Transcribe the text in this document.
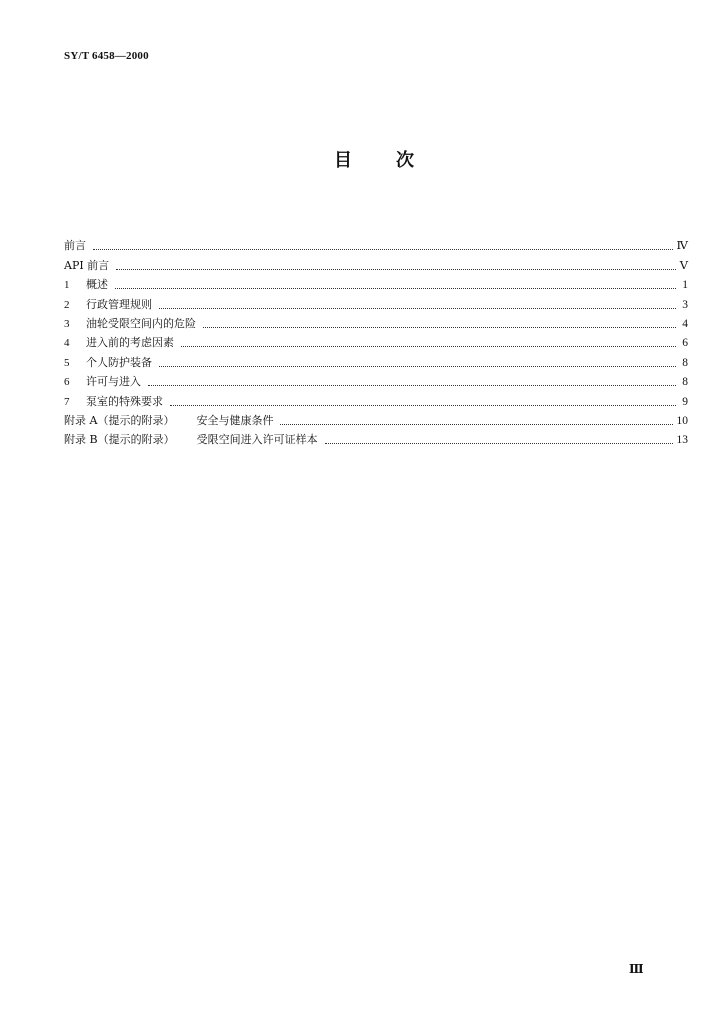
SY/T 6458—2000
目 次
前言	Ⅳ
API 前言	Ⅴ
1 概述	1
2 行政管理规则	3
3 油轮受限空间内的危险	4
4 进入前的考虑因素	6
5 个人防护装备	8
6 许可与进入	8
7 泵室的特殊要求	9
附录 A（提示的附录） 安全与健康条件	10
附录 B（提示的附录） 受限空间进入许可证样本	13
Ⅲ
